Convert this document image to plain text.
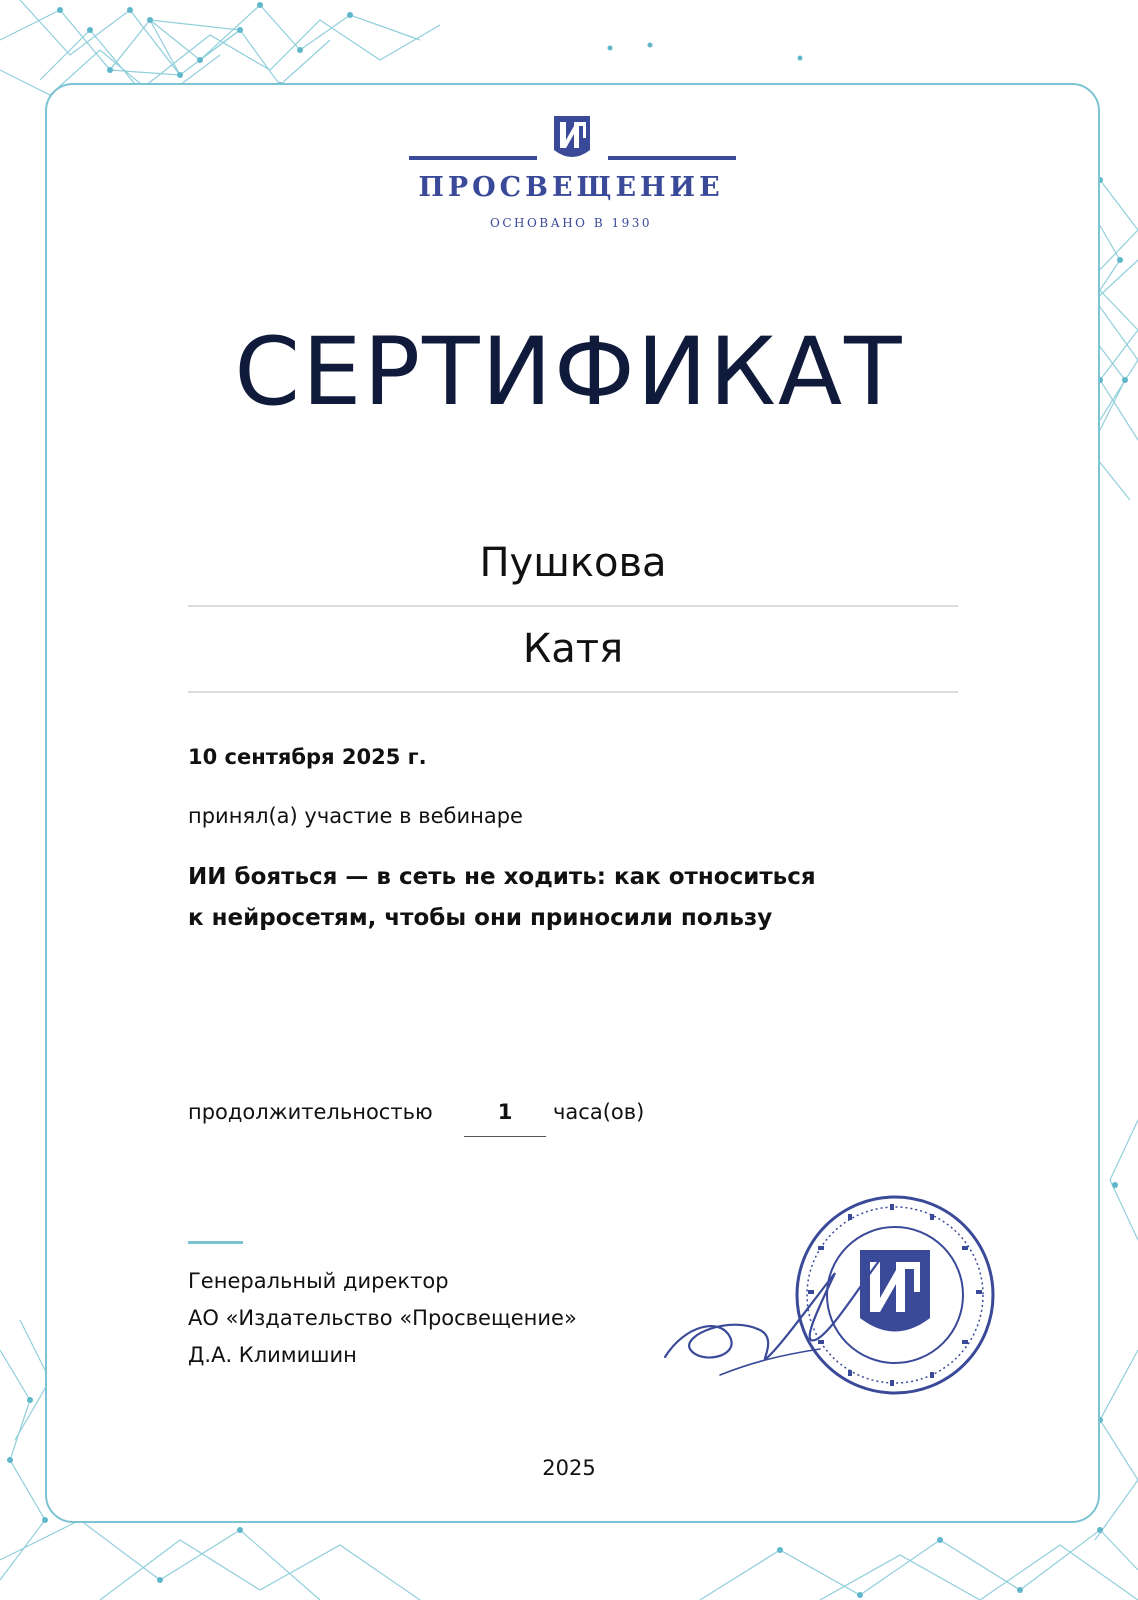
ПРОСВЕЩЕНИЕ
ОСНОВАНО В 1930
СЕРТИФИКАТ
Пушкова
Катя
10 сентября 2025 г.
принял(а) участие в вебинаре
ИИ бояться — в сеть не ходить: как относиться
к нейросетям, чтобы они приносили пользу
продолжительностью	1	часа(ов)
Генеральный директор
АО «Издательство «Просвещение»
Д.А. Климишин
2025
